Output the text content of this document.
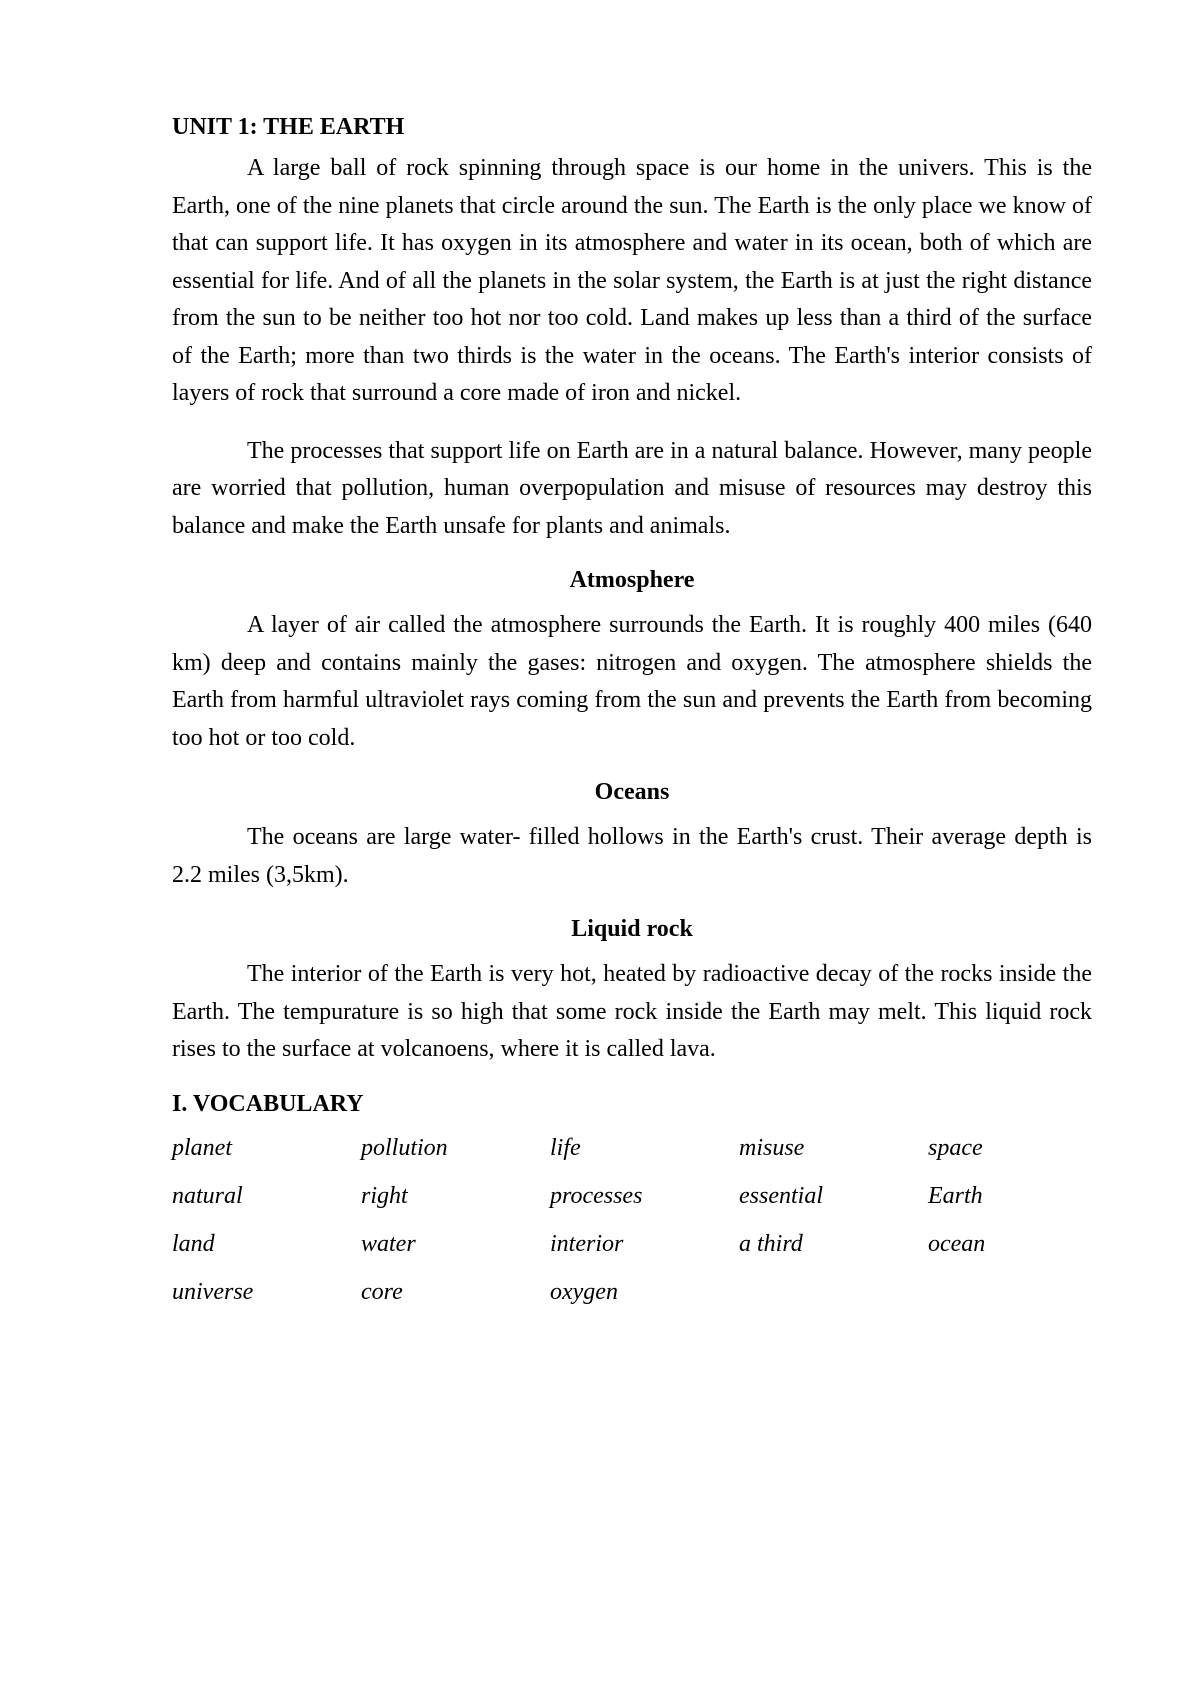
UNIT 1: THE EARTH

A large ball of rock spinning through space is our home in the univers. This is the Earth, one of the nine planets that circle around the sun. The Earth is the only place we know of that can support life. It has oxygen in its atmosphere and water in its ocean, both of which are essential for life. And of all the planets in the solar system, the Earth is at just the right distance from the sun to be neither too hot nor too cold. Land makes up less than a third of the surface of the Earth; more than two thirds is the water in the oceans. The Earth's interior consists of layers of rock that surround a core made of iron and nickel.

The processes that support life on Earth are in a natural balance. However, many people are worried that pollution, human overpopulation and misuse of resources may destroy this balance and make the Earth unsafe for plants and animals.

Atmosphere

A layer of air called the atmosphere surrounds the Earth. It is roughly 400 miles (640 km) deep and contains mainly the gases: nitrogen and oxygen. The atmosphere shields the Earth from harmful ultraviolet rays coming from the sun and prevents the Earth from becoming too hot or too cold.

Oceans

The oceans are large water- filled hollows in the Earth's crust. Their average depth is 2.2 miles (3,5km).

Liquid rock

The interior of the Earth is very hot, heated by radioactive decay of the rocks inside the Earth. The tempurature is so high that some rock inside the Earth may melt. This liquid rock rises to the surface at volcanoens, where it is called lava.

I. VOCABULARY
planet	pollution	life	misuse	space
natural	right	processes	essential	Earth
land	water	interior	a third	ocean
universe	core	oxygen
